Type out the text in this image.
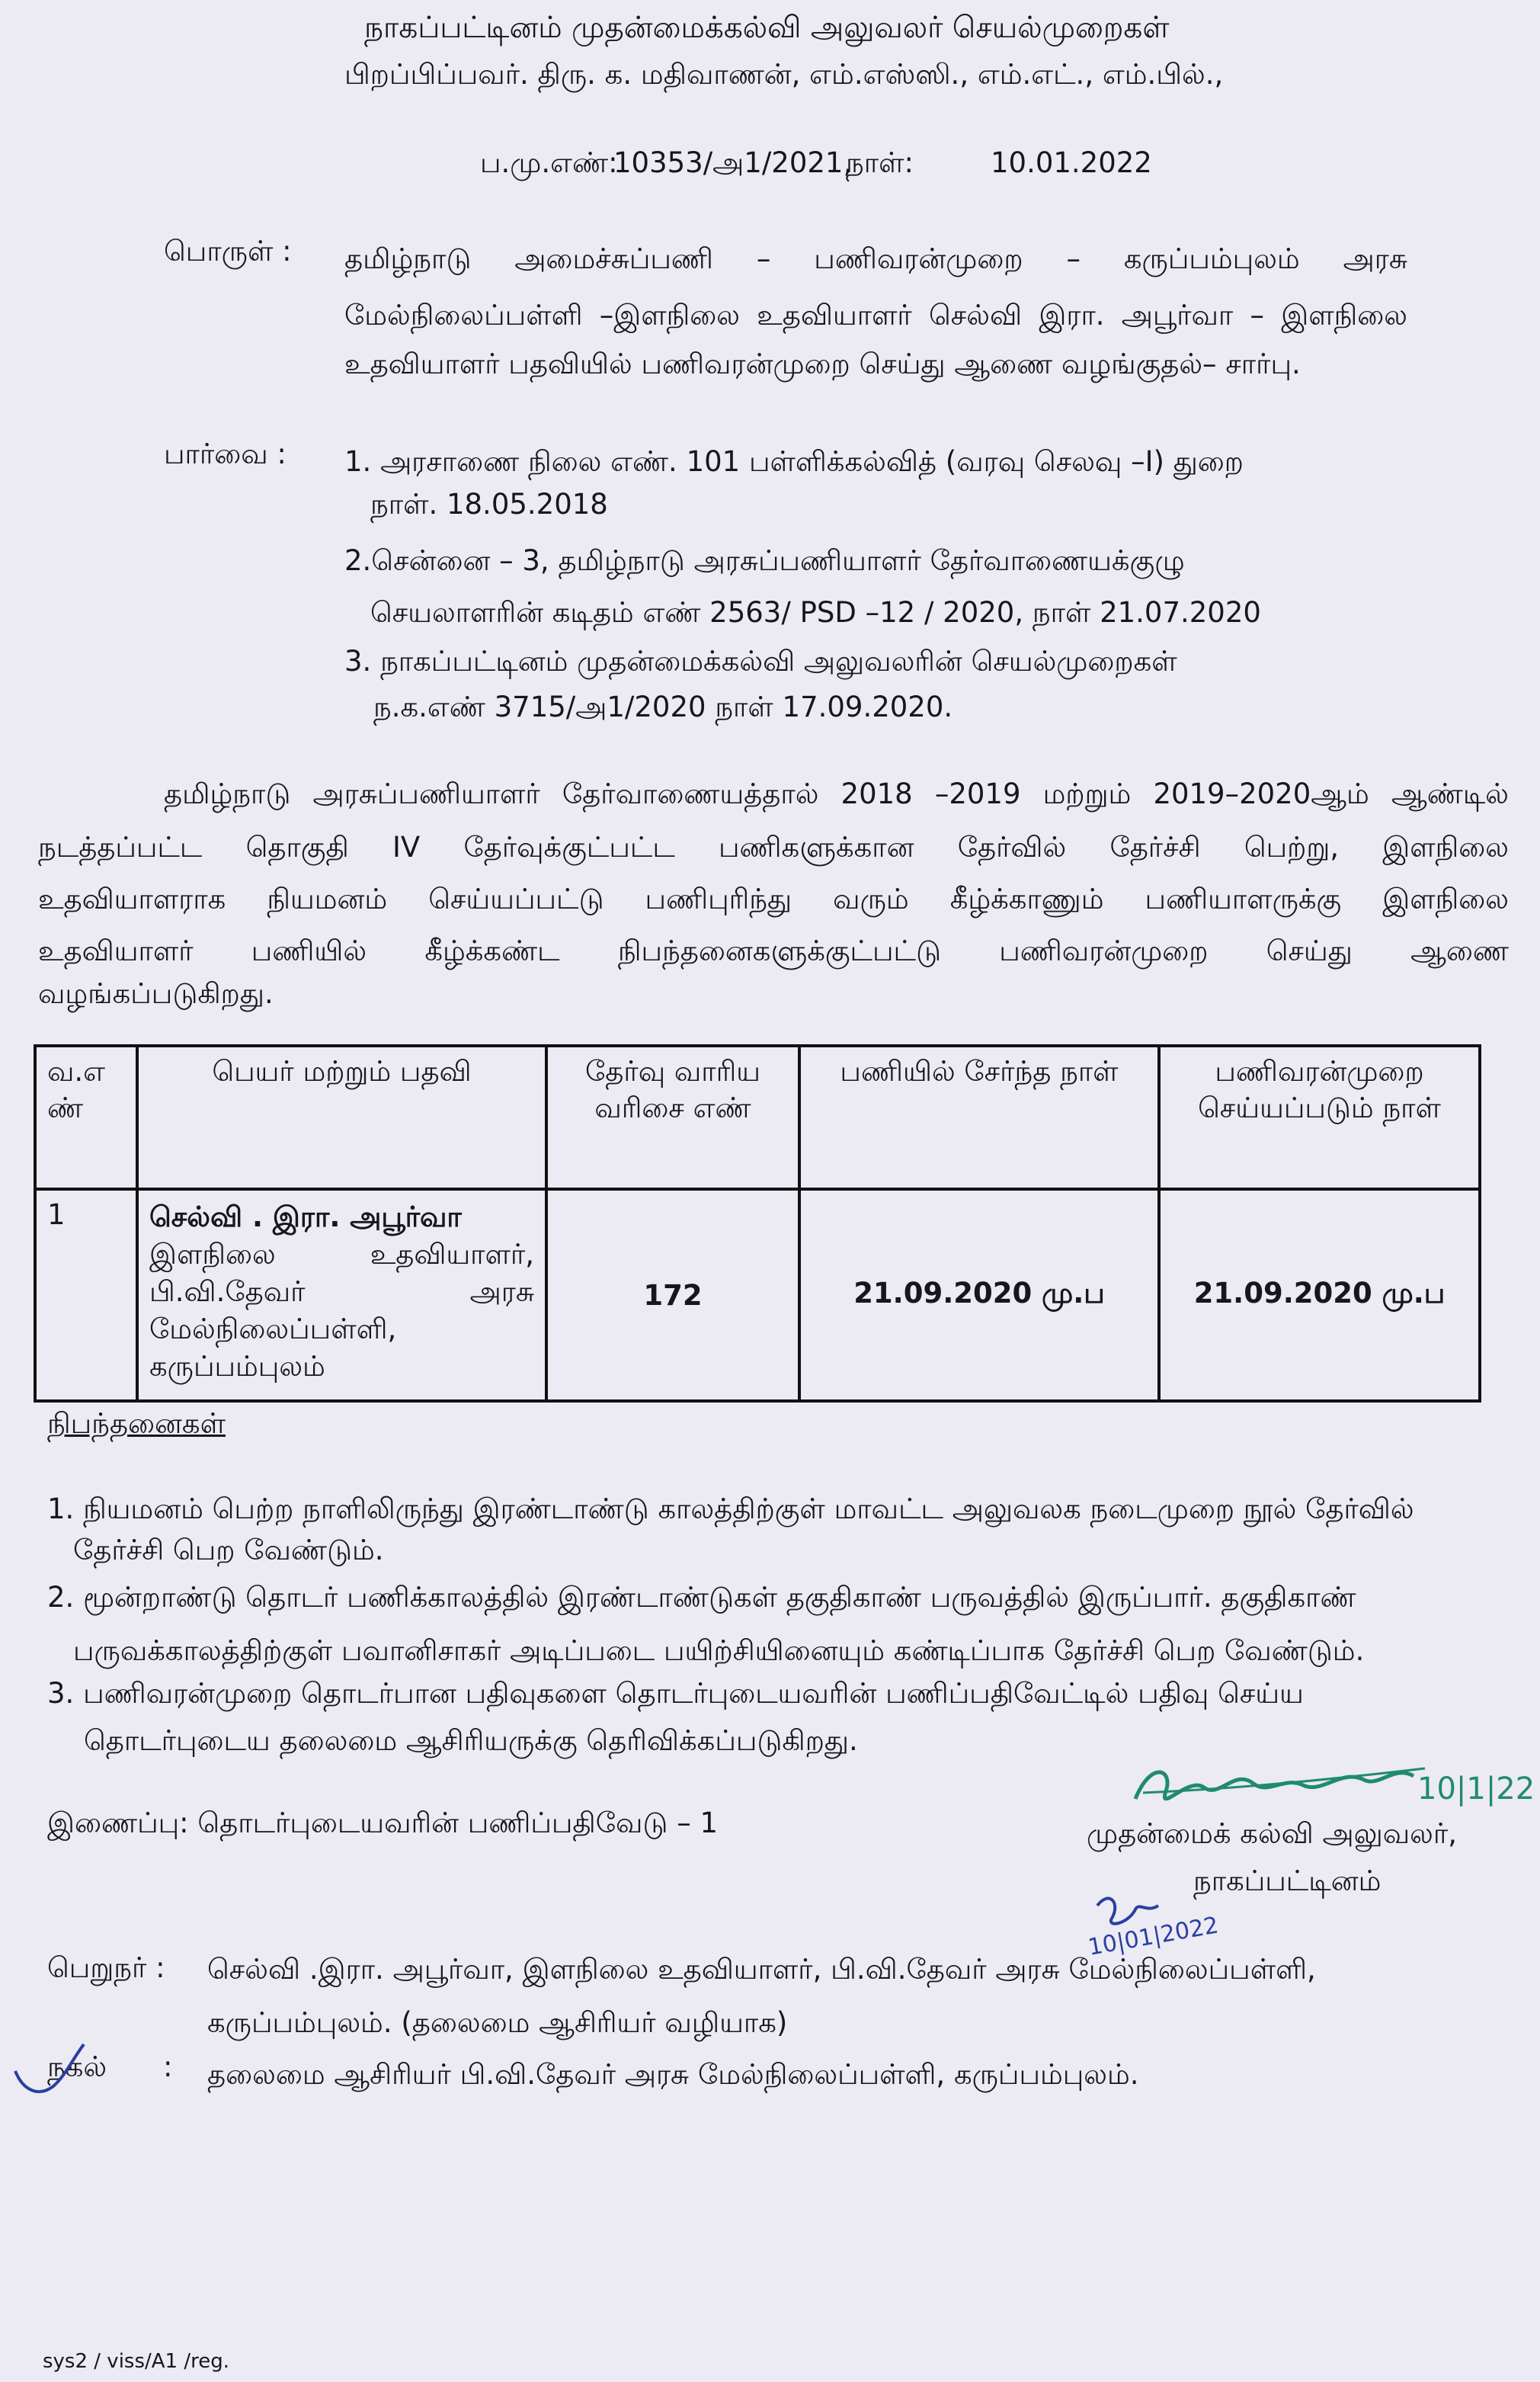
நாகப்பட்டினம் முதன்மைக்கல்வி அலுவலர் செயல்முறைகள்
பிறப்பிப்பவர். திரு. க. மதிவாணன், எம்.எஸ்ஸி., எம்.எட்., எம்.பில்.,
ப.மு.எண்:
10353/அ1/2021,
நாள்:	10.01.2022
பொருள் : தமிழ்நாடு அமைச்சுப்பணி – பணிவரன்முறை – கருப்பம்புலம் அரசு
மேல்நிலைப்பள்ளி –இளநிலை உதவியாளர் செல்வி இரா. அபூர்வா – இளநிலை
உதவியாளர் பதவியில் பணிவரன்முறை செய்து ஆணை வழங்குதல்– சார்பு.
பார்வை : 1. அரசாணை நிலை எண். 101 பள்ளிக்கல்வித் (வரவு செலவு –I) துறை
நாள். 18.05.2018
2.சென்னை – 3, தமிழ்நாடு அரசுப்பணியாளர் தேர்வாணையக்குழு
செயலாளரின் கடிதம் எண் 2563/ PSD –12 / 2020, நாள் 21.07.2020
3. நாகப்பட்டினம் முதன்மைக்கல்வி அலுவலரின் செயல்முறைகள்
ந.க.எண் 3715/அ1/2020 நாள் 17.09.2020.
தமிழ்நாடு அரசுப்பணியாளர் தேர்வாணையத்தால் 2018 –2019 மற்றும் 2019–2020ஆம் ஆண்டில்
நடத்தப்பட்ட தொகுதி IV தேர்வுக்குட்பட்ட பணிகளுக்கான தேர்வில் தேர்ச்சி பெற்று, இளநிலை
உதவியாளராக நியமனம் செய்யப்பட்டு பணிபுரிந்து வரும் கீழ்க்காணும் பணியாளருக்கு இளநிலை
உதவியாளர் பணியில் கீழ்க்கண்ட நிபந்தனைகளுக்குட்பட்டு பணிவரன்முறை செய்து ஆணை
வழங்கப்படுகிறது.
வ.எ ண்	பெயர் மற்றும் பதவி	தேர்வு வாரிய வரிசை எண்	பணியில் சேர்ந்த நாள்	பணிவரன்முறை செய்யப்படும் நாள்
1	செல்வி . இரா. அபூர்வா
இளநிலை உதவியாளர்,
பி.வி.தேவர் அரசு
மேல்நிலைப்பள்ளி,
கருப்பம்புலம்	172	21.09.2020 மு.ப	21.09.2020 மு.ப
நிபந்தனைகள்
1. நியமனம் பெற்ற நாளிலிருந்து இரண்டாண்டு காலத்திற்குள் மாவட்ட அலுவலக நடைமுறை நூல் தேர்வில்
தேர்ச்சி பெற வேண்டும்.
2. மூன்றாண்டு தொடர் பணிக்காலத்தில் இரண்டாண்டுகள் தகுதிகாண் பருவத்தில் இருப்பார். தகுதிகாண்
பருவக்காலத்திற்குள் பவானிசாகர் அடிப்படை பயிற்சியினையும் கண்டிப்பாக தேர்ச்சி பெற வேண்டும்.
3. பணிவரன்முறை தொடர்பான பதிவுகளை தொடர்புடையவரின் பணிப்பதிவேட்டில் பதிவு செய்ய
தொடர்புடைய தலைமை ஆசிரியருக்கு தெரிவிக்கப்படுகிறது.
இணைப்பு: தொடர்புடையவரின் பணிப்பதிவேடு – 1
10|1|22
முதன்மைக் கல்வி அலுவலர்,
நாகப்பட்டினம்
10|01|2022
பெறுநர் : செல்வி .இரா. அபூர்வா, இளநிலை உதவியாளர், பி.வி.தேவர் அரசு மேல்நிலைப்பள்ளி,
கருப்பம்புலம். (தலைமை ஆசிரியர் வழியாக)
நகல் : தலைமை ஆசிரியர் பி.வி.தேவர் அரசு மேல்நிலைப்பள்ளி, கருப்பம்புலம்.
sys2 / viss/A1 /reg.
